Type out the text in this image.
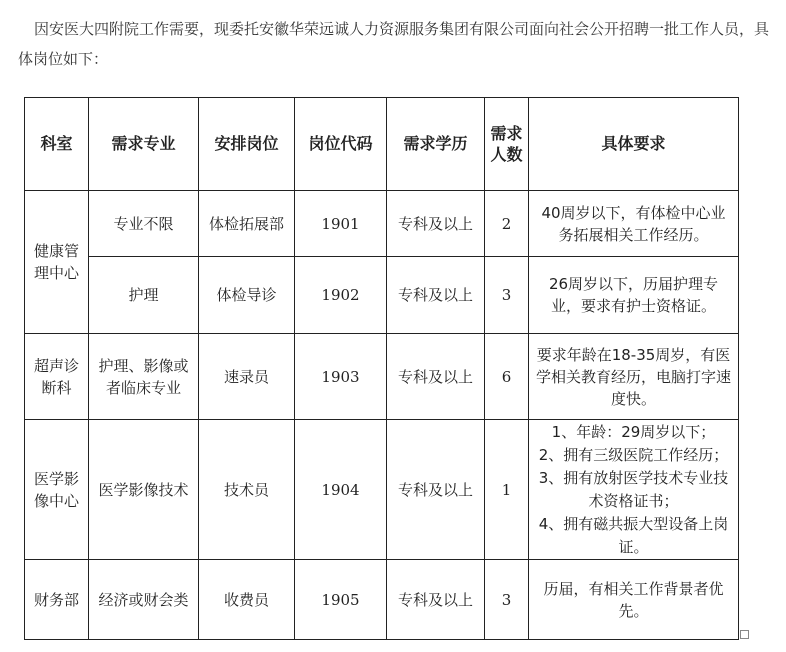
因安医大四附院工作需要，现委托安徽华荣远诚人力资源服务集团有限公司面向社会公开招聘一批工作人员，具体岗位如下：

科室	需求专业	安排岗位	岗位代码	需求学历	需求人数	具体要求
健康管理中心	专业不限	体检拓展部	1901	专科及以上	2	40周岁以下，有体检中心业务拓展相关工作经历。

	护理	体检导诊	1902	专科及以上	3	26周岁以下，历届护理专业，要求有护士资格证。

超声诊断科	护理、影像或者临床专业	速录员	1903	专科及以上	6	要求年龄在18-35周岁，有医学相关教育经历，电脑打字速度快。

医学影像中心	医学影像技术	技术员	1904	专科及以上	1	1、年龄：29周岁以下；
2、拥有三级医院工作经历；
3、拥有放射医学技术专业技术资格证书；
4、拥有磁共振大型设备上岗证。

财务部	经济或财会类	收费员	1905	专科及以上	3	历届，有相关工作背景者优先。
